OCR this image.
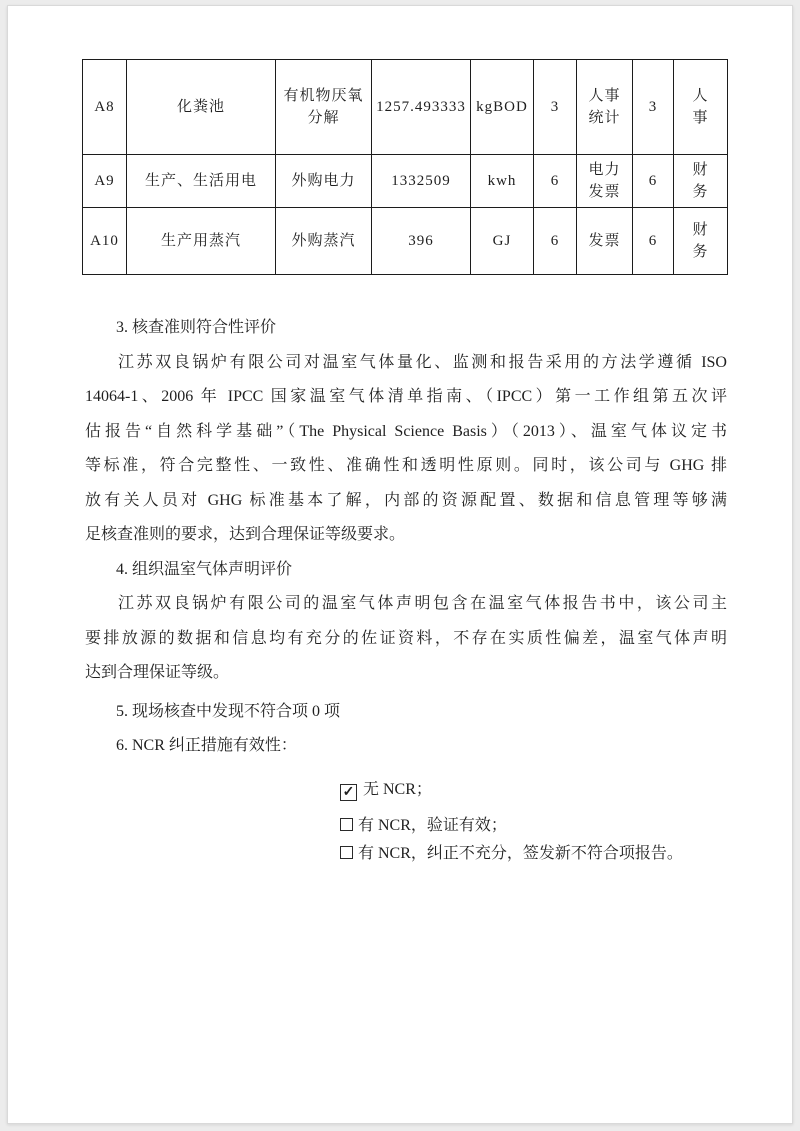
A8	化粪池	有机物厌氧分解	1257.493333	kgBOD	3	人事统计	3	人事
A9	生产、生活用电	外购电力	1332509	kwh	6	电力发票	6	财务
A10	生产用蒸汽	外购蒸汽	396	GJ	6	发票	6	财务
3. 核查准则符合性评价
江苏双良锅炉有限公司对温室气体量化、监测和报告采用的方法学遵循 ISO
14064-1、2006 年 IPCC 国家温室气体清单指南、（IPCC）第一工作组第五次评
估报告“自然科学基础”（The Physical Science Basis）（2013）、温室气体议定书
等标准，符合完整性、一致性、准确性和透明性原则。同时，该公司与 GHG 排
放有关人员对 GHG 标准基本了解，内部的资源配置、数据和信息管理等够满
足核查准则的要求，达到合理保证等级要求。
4. 组织温室气体声明评价
江苏双良锅炉有限公司的温室气体声明包含在温室气体报告书中，该公司主
要排放源的数据和信息均有充分的佐证资料，不存在实质性偏差，温室气体声明
达到合理保证等级。
5. 现场核查中发现不符合项 0 项
6. NCR 纠正措施有效性：
✓ 无 NCR；
有 NCR，验证有效；
有 NCR，纠正不充分，签发新不符合项报告。
